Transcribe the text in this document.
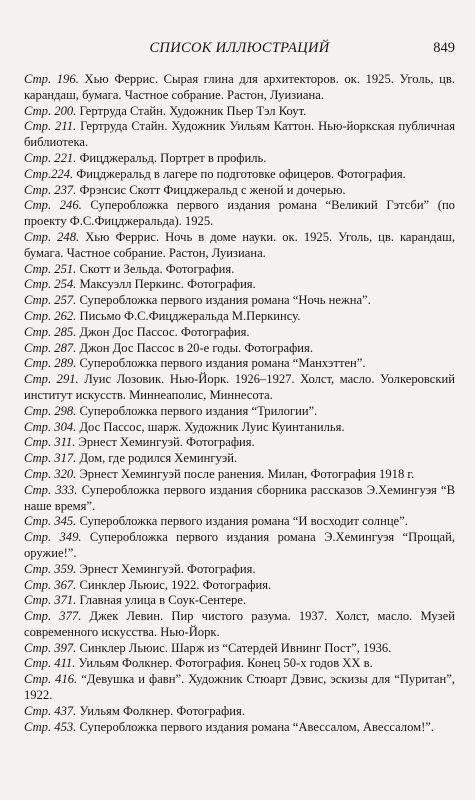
СПИСОК ИЛЛЮСТРАЦИЙ	849

Стр. 196. Хью Феррис. Сырая глина для архитекторов. ок. 1925. Уголь, цв. карандаш, бумага. Частное собрание. Растон, Луизиана.

Стр. 200. Гертруда Стайн. Художник Пьер Тэл Коут.

Стр. 211. Гертруда Стайн. Художник Уильям Каттон. Нью-йоркская публичная библиотека.

Стр. 221. Фицджеральд. Портрет в профиль.

Стр.224. Фицджеральд в лагере по подготовке офицеров. Фотография.

Стр. 237. Фрэнсис Скотт Фицджеральд с женой и дочерью.

Стр. 246. Суперобложка первого издания романа “Великий Гэтсби” (по проекту Ф.С.Фицджеральда). 1925.

Стр. 248. Хью Феррис. Ночь в доме науки. ок. 1925. Уголь, цв. карандаш, бумага. Частное собрание. Растон, Луизиана.

Стр. 251. Скотт и Зельда. Фотография.

Стр. 254. Максуэлл Перкинс. Фотография.

Стр. 257. Суперобложка первого издания романа “Ночь нежна”.

Стр. 262. Письмо Ф.С.Фицджеральда М.Перкинсу.

Стр. 285. Джон Дос Пассос. Фотография.

Стр. 287. Джон Дос Пассос в 20-е годы. Фотография.

Стр. 289. Суперобложка первого издания романа “Манхэттен”.

Стр. 291. Луис Лозовик. Нью-Йорк. 1926–1927. Холст, масло. Уолкеровский институт искусств. Миннеаполис, Миннесота.

Стр. 298. Суперобложка первого издания “Трилогии”.

Стр. 304. Дос Пассос, шарж. Художник Луис Куинтанилья.

Стр. 311. Эрнест Хемингуэй. Фотография.

Стр. 317. Дом, где родился Хемингуэй.

Стр. 320. Эрнест Хемингуэй после ранения. Милан, Фотография 1918 г.

Стр. 333. Суперобложка первого издания сборника рассказов Э.Хемингуэя “В наше время”.

Стр. 345. Суперобложка первого издания романа “И восходит солнце”.

Стр. 349. Суперобложка первого издания романа Э.Хемингуэя “Прощай, оружие!”.

Стр. 359. Эрнест Хемингуэй. Фотография.

Стр. 367. Синклер Льюис, 1922. Фотография.

Стр. 371. Главная улица в Соук-Сентере.

Стр. 377. Джек Левин. Пир чистого разума. 1937. Холст, масло. Музей современного искусства. Нью-Йорк.

Стр. 397. Синклер Льюис. Шарж из “Сатердей Ивнинг Пост”, 1936.

Стр. 411. Уильям Фолкнер. Фотография. Конец 50-х годов XX в.

Стр. 416. “Девушка и фавн”. Художник Стюарт Дэвис, эскизы для “Пуритан”, 1922.

Стр. 437. Уильям Фолкнер. Фотография.

Стр. 453. Суперобложка первого издания романа “Авессалом, Авессалом!”.
